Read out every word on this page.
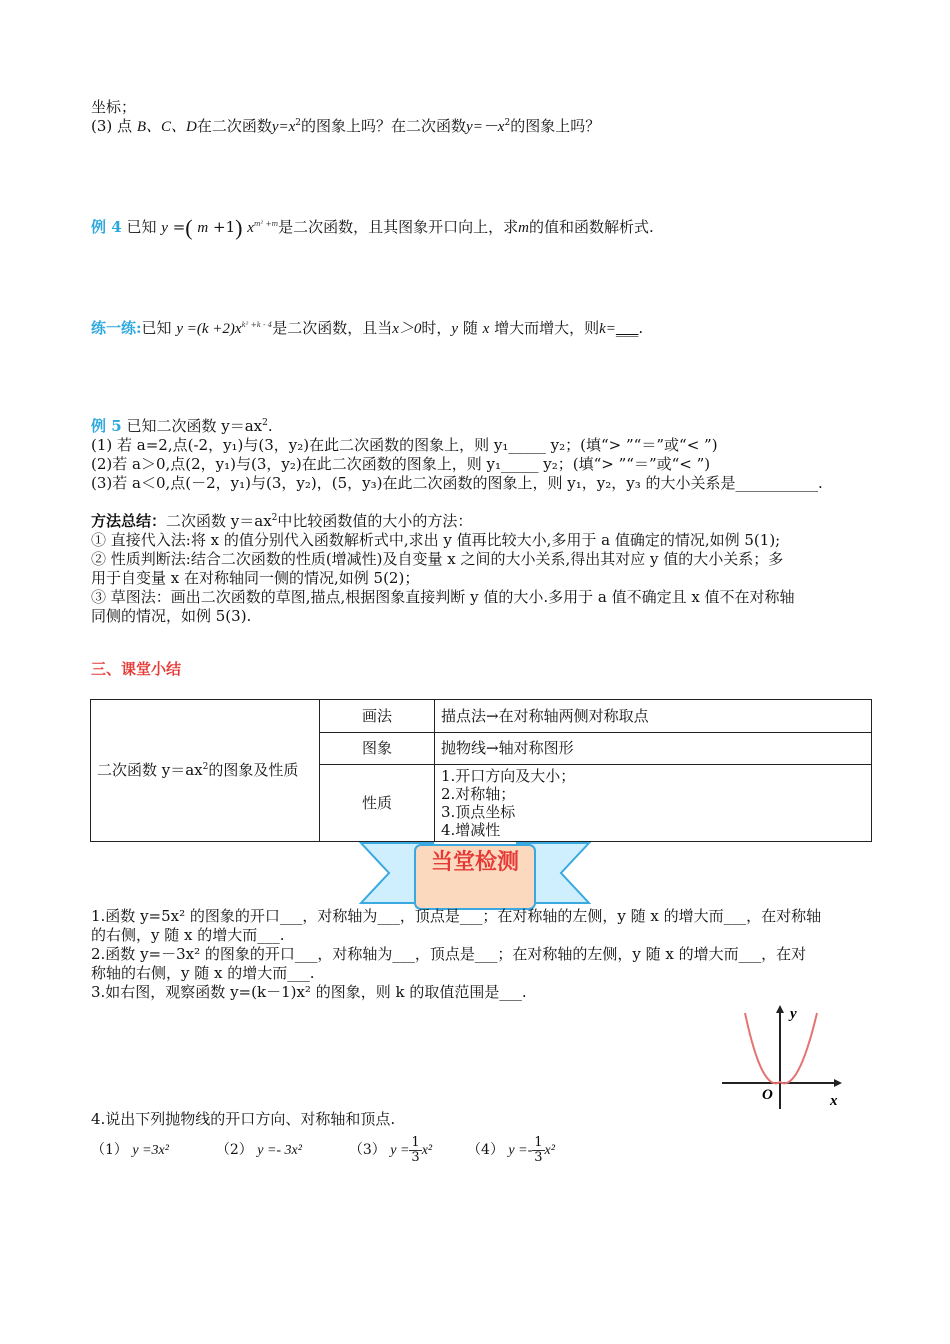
坐标；
(3) 点 B、C、D在二次函数$y=x^2$的图象上吗？在二次函数$y=-x^2$的图象上吗？
例 4 已知 y =( m +1) $x^{m^2 +m}$是二次函数，且其图象开口向上，求m的值和函数解析式.
练一练:已知 $y =(k +2)x^{k^2 +k - 4}$是二次函数，且当x＞0时，y 随 x 增大而增大，则k=___.
例 5 已知二次函数 $y=ax^2$.
(1) 若 a=2,点(-2，y₁)与(3，y₂)在此二次函数的图象上，则 y₁_____ y₂；(填“> ”“＝”或“< ”)
(2)若 a＞0,点(2，y₁)与(3，y₂)在此二次函数的图象上，则 y₁_____ y₂；(填“> ”“＝”或“< ”)
(3)若 a＜0,点(－2，y₁)与(3，y₂)，(5，y₃)在此二次函数的图象上，则 y₁，y₂，y₃ 的大小关系是___________.
方法总结：二次函数 $y=ax^2$中比较函数值的大小的方法：
① 直接代入法:将 x 的值分别代入函数解析式中,求出 y 值再比较大小,多用于 a 值确定的情况,如例 5(1);
② 性质判断法:结合二次函数的性质(增减性)及自变量 x 之间的大小关系,得出其对应 y 值的大小关系；多
用于自变量 x 在对称轴同一侧的情况,如例 5(2)；
③ 草图法：画出二次函数的草图,描点,根据图象直接判断 y 值的大小.多用于 a 值不确定且 x 值不在对称轴
同侧的情况，如例 5(3).
三、课堂小结
二次函数 $y=ax^2$的图象及性质	画法	描点法→在对称轴两侧对称取点
	图象	抛物线→轴对称图形
	性质	1.开口方向及大小；
2.对称轴；
3.顶点坐标
4.增减性
当堂检测
1.函数 y=5x² 的图象的开口___，对称轴为___，顶点是___；在对称轴的左侧，y 随 x 的增大而___，在对称轴
的右侧，y 随 x 的增大而___.
2.函数 y=－3x² 的图象的开口___，对称轴为___，顶点是___；在对称轴的左侧，y 随 x 的增大而___，在对
称轴的右侧，y 随 x 的增大而___.
3.如右图，观察函数 y=(k－1)x² 的图象，则 k 的取值范围是___.
y
x
O
4.说出下列抛物线的开口方向、对称轴和顶点.
（1） y =3x²	（2） y =- 3x²	（3） $y = \frac{1}{3} x^2$ （4） $y =- \frac{1}{3} x^2$
